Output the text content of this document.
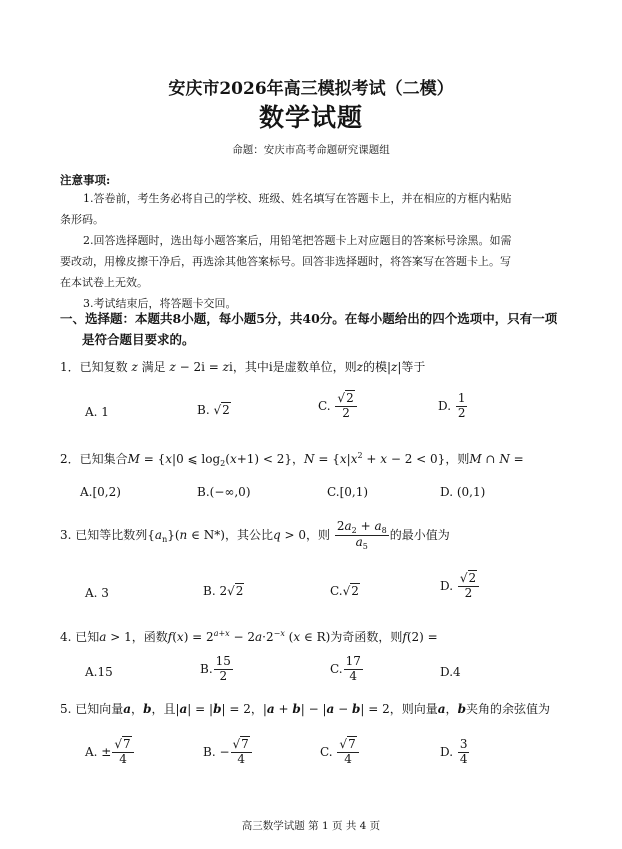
安庆市2026年高三模拟考试（二模）
数学试题
命题：安庆市高考命题研究课题组
注意事项:

1.答卷前，考生务必将自己的学校、班级、姓名填写在答题卡上，并在相应的方框内粘贴

条形码。

2.回答选择题时，选出每小题答案后，用铅笔把答题卡上对应题目的答案标号涂黑。如需

要改动，用橡皮擦干净后，再选涂其他答案标号。回答非选择题时，将答案写在答题卡上。写

在本试卷上无效。

3.考试结束后，将答题卡交回。

一、选择题：本题共8小题，每小题5分，共40分。在每小题给出的四个选项中，只有一项
是符合题目要求的。
1．已知复数 z 满足 z − 2i = zi，其中i是虚数单位，则z的模|z|等于
A. 1	B. √2	C. $\frac{√2}{2}$	D. $\frac{1}{2}$
2．已知集合M = {x|0 ⩽ $\log_2(x+1) < 2$}，$N = \{x|x^2 + x - 2 < 0\}$，则M ∩ N =
A.[0,2)	B.(−∞,0)	C.[0,1)	D. (0,1)
3. 已知等比数列$\{a_n\}(n$ ∈ N*)，其公比q > 0，则 $\frac{2a_2 + a_8}{a_5}$ 的最小值为
A. 3	B. 2√2	C.√2	D. $\frac{√2}{2}$
4. 已知a > 1，函数$f(x) = 2^{a+x} - 2a\cdot 2^{-x}$ (x ∈ R)为奇函数，则f(2) =
A.15	B. $\frac{15}{2}$	C. $\frac{17}{4}$	D.4
5. 已知向量a，b，且|a| = |b| = 2，|a + b| − |a − b| = 2，则向量a，b夹角的余弦值为
A. ± $\frac{√7}{4}$	B. − $\frac{√7}{4}$	C. $\frac{√7}{4}$	D. $\frac{3}{4}$
高三数学试题 第 1 页 共 4 页
